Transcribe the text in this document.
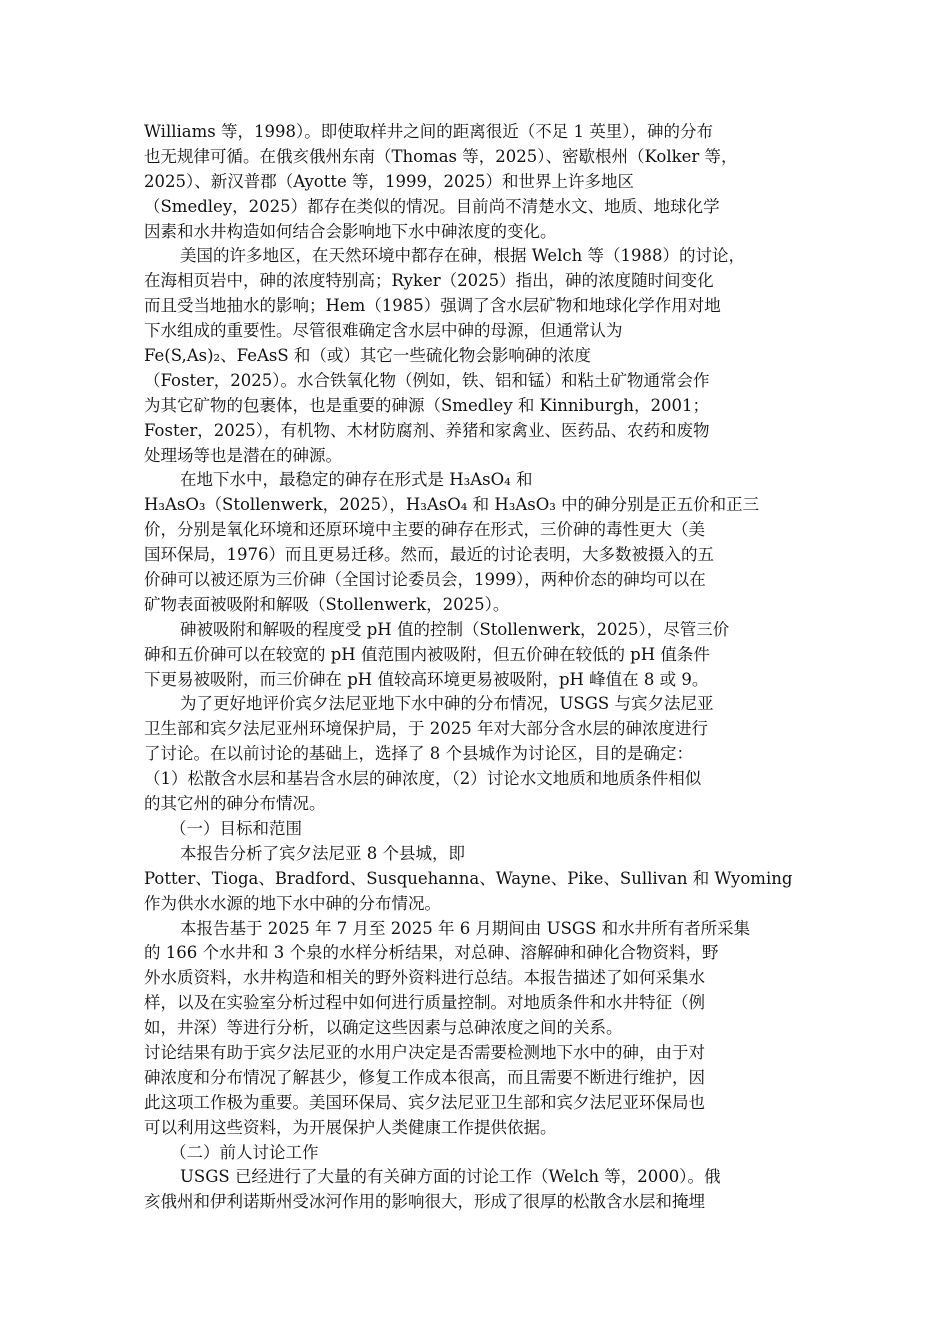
Williams 等，1998）。即使取样井之间的距离很近（不足 1 英里），砷的分布
也无规律可循。在俄亥俄州东南（Thomas 等，2025）、密歇根州（Kolker 等，
2025）、新汉普郡（Ayotte 等，1999，2025）和世界上许多地区
（Smedley，2025）都存在类似的情况。目前尚不清楚水文、地质、地球化学
因素和水井构造如何结合会影响地下水中砷浓度的变化。
美国的许多地区，在天然环境中都存在砷，根据 Welch 等（1988）的讨论，
在海相页岩中，砷的浓度特别高；Ryker（2025）指出，砷的浓度随时间变化
而且受当地抽水的影响；Hem（1985）强调了含水层矿物和地球化学作用对地
下水组成的重要性。尽管很难确定含水层中砷的母源，但通常认为
Fe(S,As)₂、FeAsS 和（或）其它一些硫化物会影响砷的浓度
（Foster，2025）。水合铁氧化物（例如，铁、铝和锰）和粘土矿物通常会作
为其它矿物的包裹体，也是重要的砷源（Smedley 和 Kinniburgh，2001；
Foster，2025），有机物、木材防腐剂、养猪和家禽业、医药品、农药和废物
处理场等也是潜在的砷源。
在地下水中，最稳定的砷存在形式是 H₃AsO₄ 和
H₃AsO₃（Stollenwerk，2025），H₃AsO₄ 和 H₃AsO₃ 中的砷分别是正五价和正三
价，分别是氧化环境和还原环境中主要的砷存在形式，三价砷的毒性更大（美
国环保局，1976）而且更易迁移。然而，最近的讨论表明，大多数被摄入的五
价砷可以被还原为三价砷（全国讨论委员会，1999），两种价态的砷均可以在
矿物表面被吸附和解吸（Stollenwerk，2025）。
砷被吸附和解吸的程度受 pH 值的控制（Stollenwerk，2025），尽管三价
砷和五价砷可以在较宽的 pH 值范围内被吸附，但五价砷在较低的 pH 值条件
下更易被吸附，而三价砷在 pH 值较高环境更易被吸附，pH 峰值在 8 或 9。
为了更好地评价宾夕法尼亚地下水中砷的分布情况，USGS 与宾夕法尼亚
卫生部和宾夕法尼亚州环境保护局，于 2025 年对大部分含水层的砷浓度进行
了讨论。在以前讨论的基础上，选择了 8 个县城作为讨论区，目的是确定：
（1）松散含水层和基岩含水层的砷浓度，（2）讨论水文地质和地质条件相似
的其它州的砷分布情况。
（一）目标和范围
本报告分析了宾夕法尼亚 8 个县城，即
Potter、Tioga、Bradford、Susquehanna、Wayne、Pike、Sullivan 和 Wyoming
作为供水水源的地下水中砷的分布情况。
本报告基于 2025 年 7 月至 2025 年 6 月期间由 USGS 和水井所有者所采集
的 166 个水井和 3 个泉的水样分析结果，对总砷、溶解砷和砷化合物资料，野
外水质资料，水井构造和相关的野外资料进行总结。本报告描述了如何采集水
样，以及在实验室分析过程中如何进行质量控制。对地质条件和水井特征（例
如，井深）等进行分析，以确定这些因素与总砷浓度之间的关系。
讨论结果有助于宾夕法尼亚的水用户决定是否需要检测地下水中的砷，由于对
砷浓度和分布情况了解甚少，修复工作成本很高，而且需要不断进行维护，因
此这项工作极为重要。美国环保局、宾夕法尼亚卫生部和宾夕法尼亚环保局也
可以利用这些资料，为开展保护人类健康工作提供依据。
（二）前人讨论工作
USGS 已经进行了大量的有关砷方面的讨论工作（Welch 等，2000）。俄
亥俄州和伊利诺斯州受冰河作用的影响很大，形成了很厚的松散含水层和掩埋
